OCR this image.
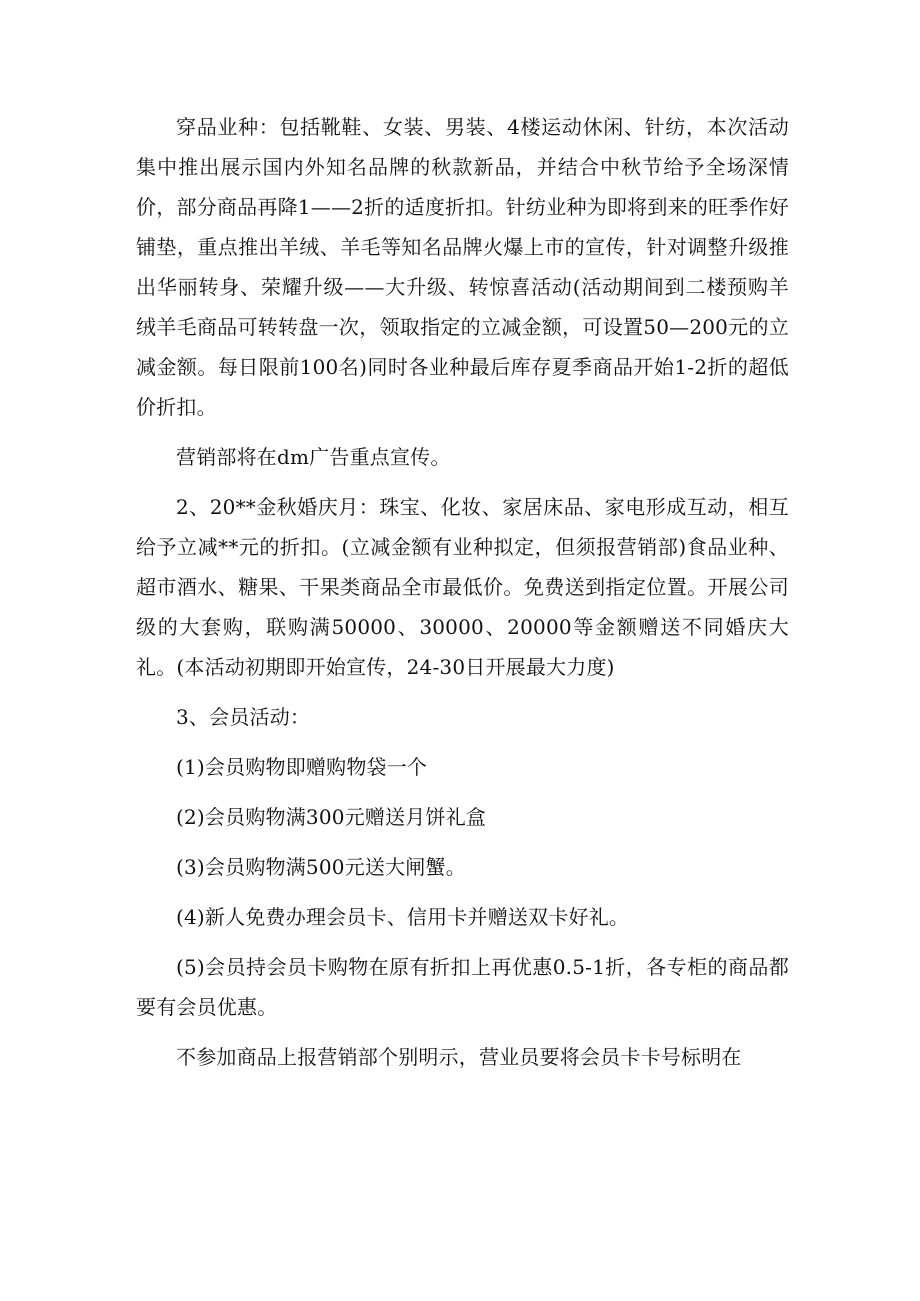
穿品业种：包括靴鞋、女装、男装、4楼运动休闲、针纺，本次活动集中推出展示国内外知名品牌的秋款新品，并结合中秋节给予全场深情价，部分商品再降1——2折的适度折扣。针纺业种为即将到来的旺季作好铺垫，重点推出羊绒、羊毛等知名品牌火爆上市的宣传，针对调整升级推出华丽转身、荣耀升级——大升级、转惊喜活动(活动期间到二楼预购羊绒羊毛商品可转转盘一次，领取指定的立减金额，可设置50—200元的立减金额。每日限前100名)同时各业种最后库存夏季商品开始1-2折的超低价折扣。

营销部将在dm广告重点宣传。

2、20**金秋婚庆月：珠宝、化妆、家居床品、家电形成互动，相互给予立减**元的折扣。(立减金额有业种拟定，但须报营销部)食品业种、超市酒水、糖果、干果类商品全市最低价。免费送到指定位置。开展公司级的大套购，联购满50000、30000、20000等金额赠送不同婚庆大礼。(本活动初期即开始宣传，24-30日开展最大力度)

3、会员活动：

(1)会员购物即赠购物袋一个

(2)会员购物满300元赠送月饼礼盒

(3)会员购物满500元送大闸蟹。

(4)新人免费办理会员卡、信用卡并赠送双卡好礼。

(5)会员持会员卡购物在原有折扣上再优惠0.5-1折，各专柜的商品都要有会员优惠。

不参加商品上报营销部个别明示，营业员要将会员卡卡号标明在
